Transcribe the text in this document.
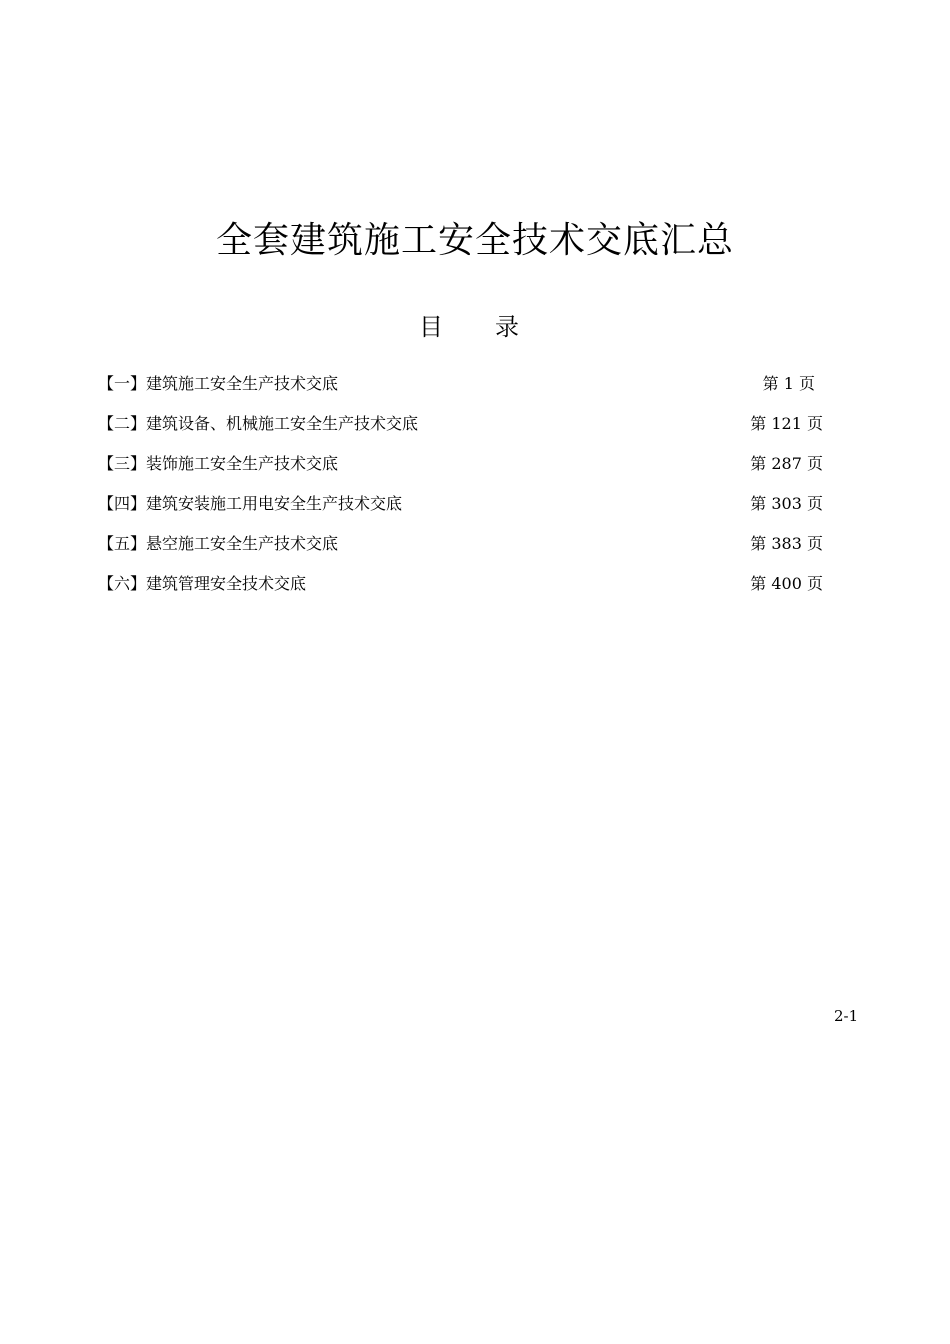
全套建筑施工安全技术交底汇总
目 录
【一】建筑施工安全生产技术交底	第 1 页
【二】建筑设备、机械施工安全生产技术交底	第 121 页
【三】装饰施工安全生产技术交底	第 287 页
【四】建筑安装施工用电安全生产技术交底	第 303 页
【五】悬空施工安全生产技术交底	第 383 页
【六】建筑管理安全技术交底	第 400 页
2-1
